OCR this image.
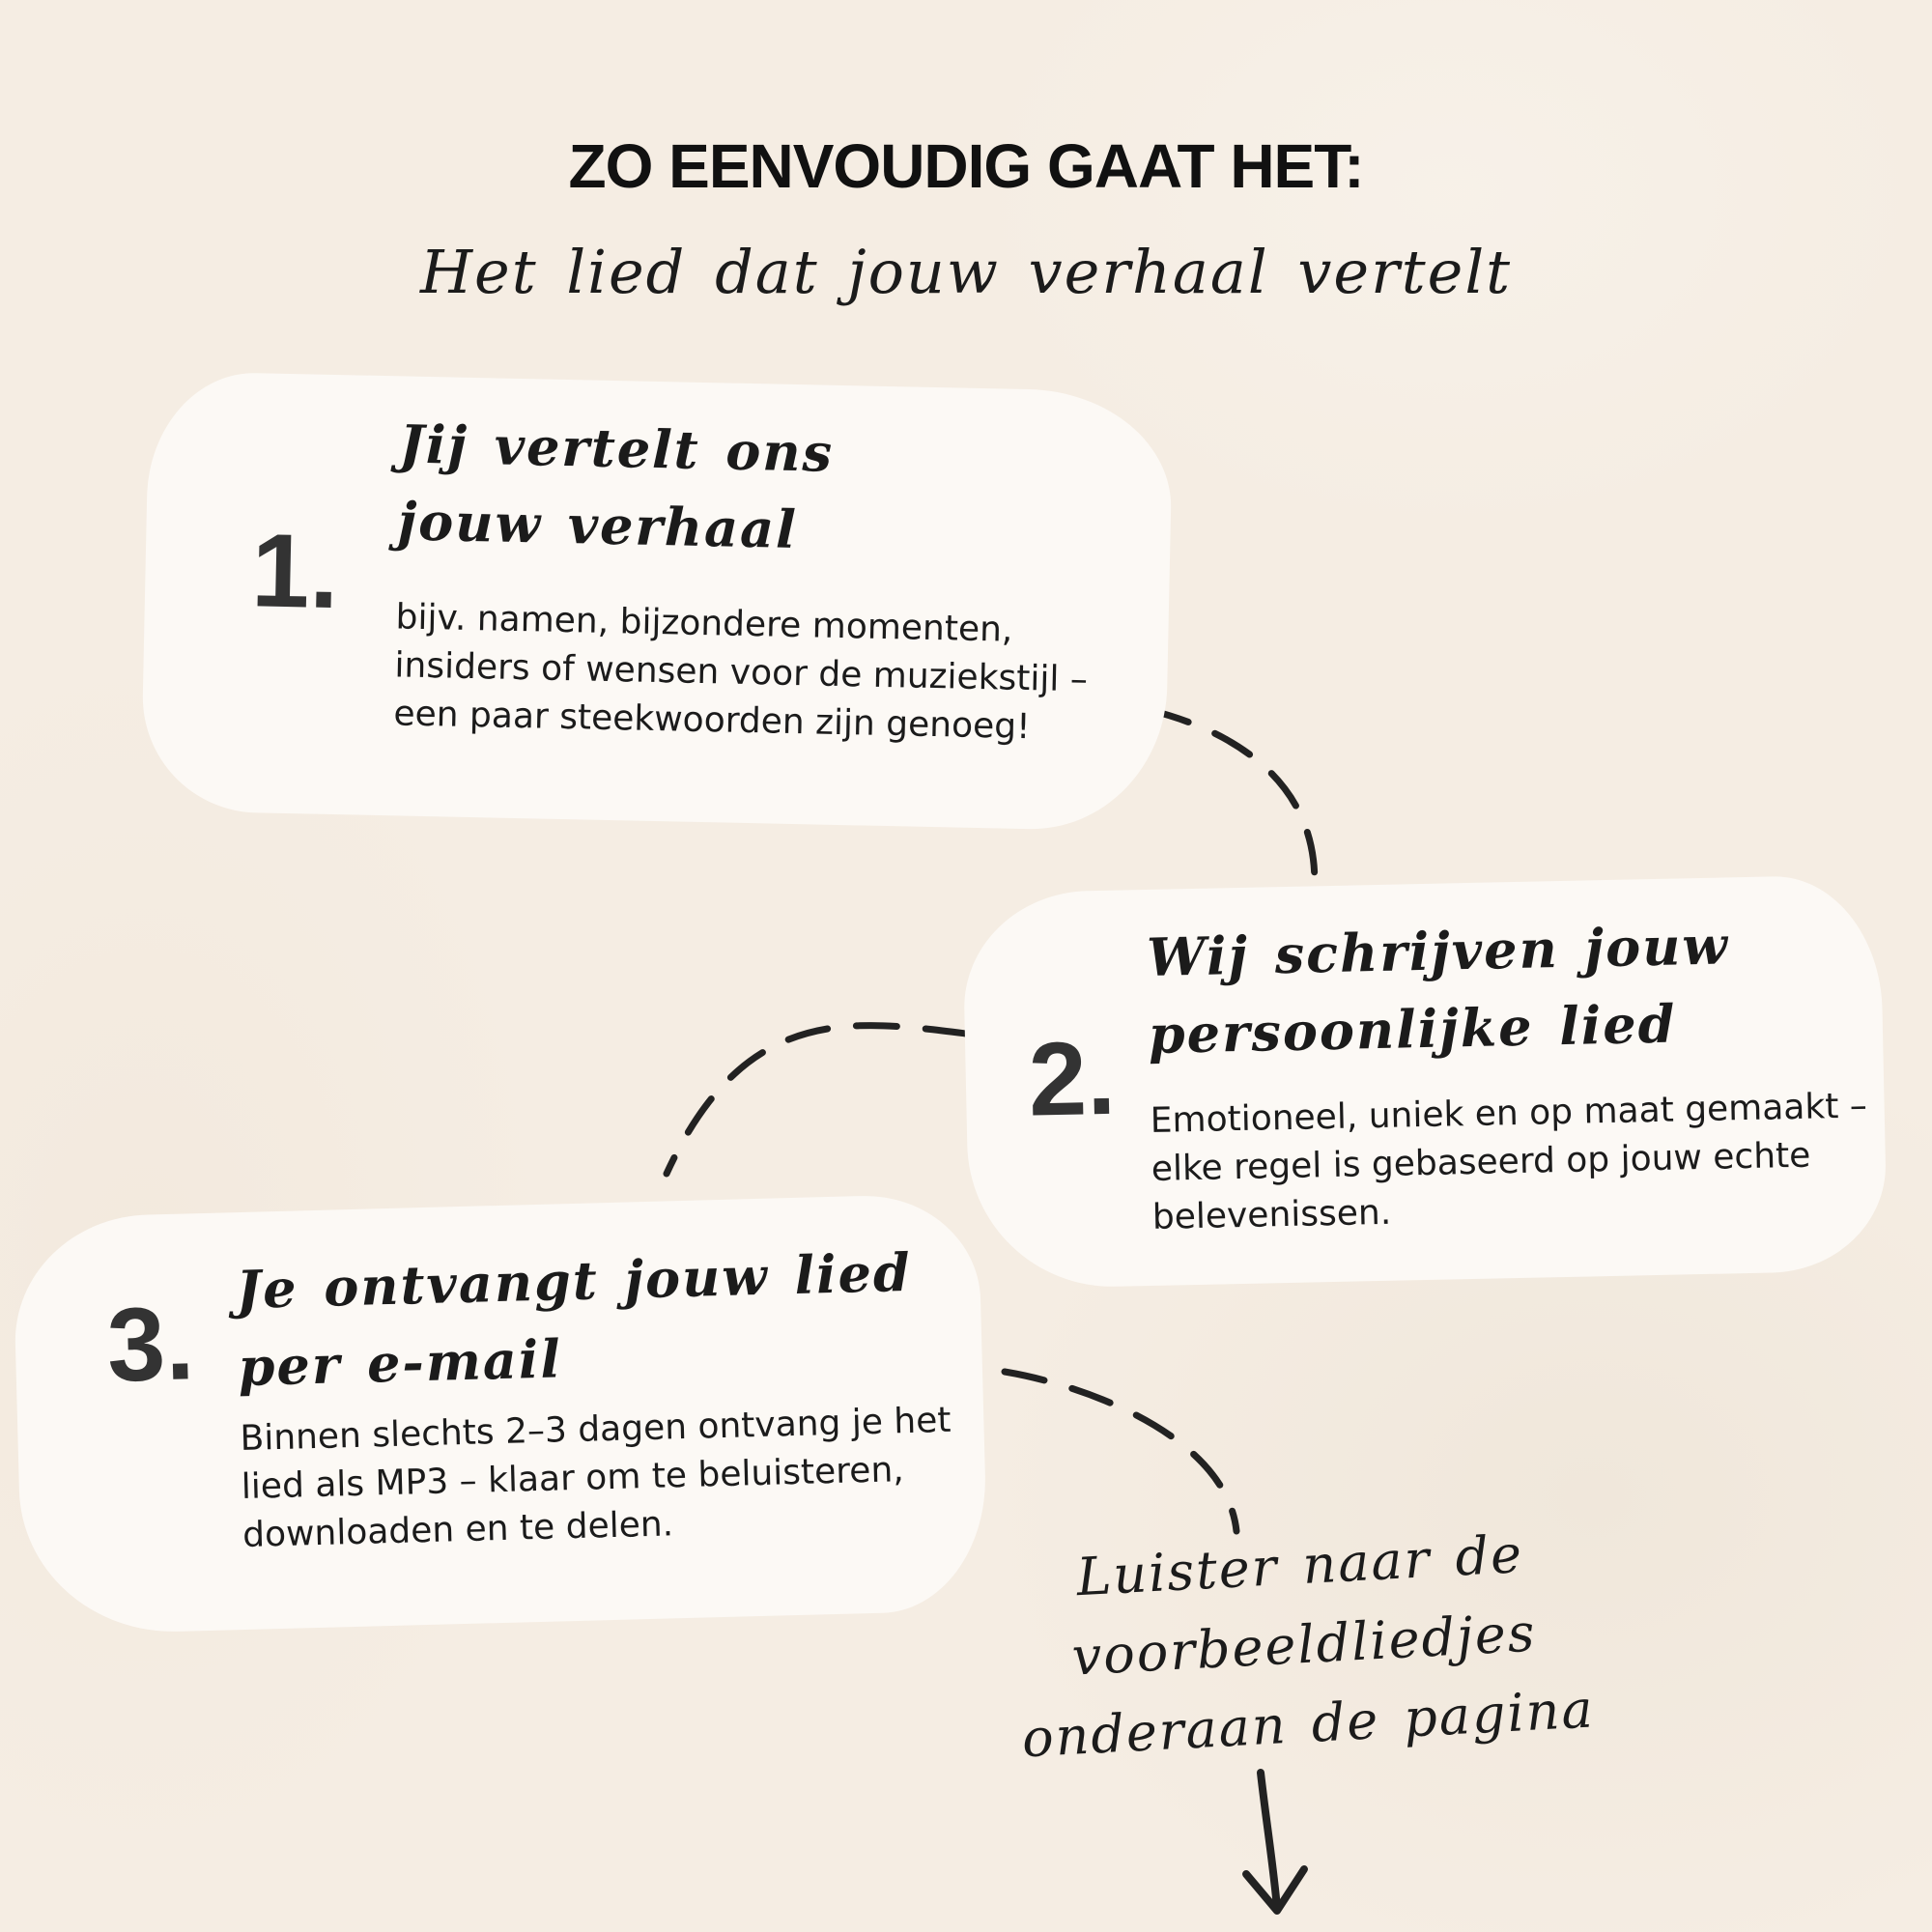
ZO EENVOUDIG GAAT HET:
Het lied dat jouw verhaal vertelt
1.
Jij vertelt ons jouw verhaal

bijv. namen, bijzondere momenten, insiders of wensen voor de muziekstijl – een paar steekwoorden zijn genoeg!

2.
Wij schrijven jouw persoonlijke lied

Emotioneel, uniek en op maat gemaakt – elke regel is gebaseerd op jouw echte belevenissen.

3.
Je ontvangt jouw lied per e-mail

Binnen slechts 2–3 dagen ontvang je het lied als MP3 – klaar om te beluisteren, downloaden en te delen.	Luister naar de voorbeeldliedjes onderaan de pagina
